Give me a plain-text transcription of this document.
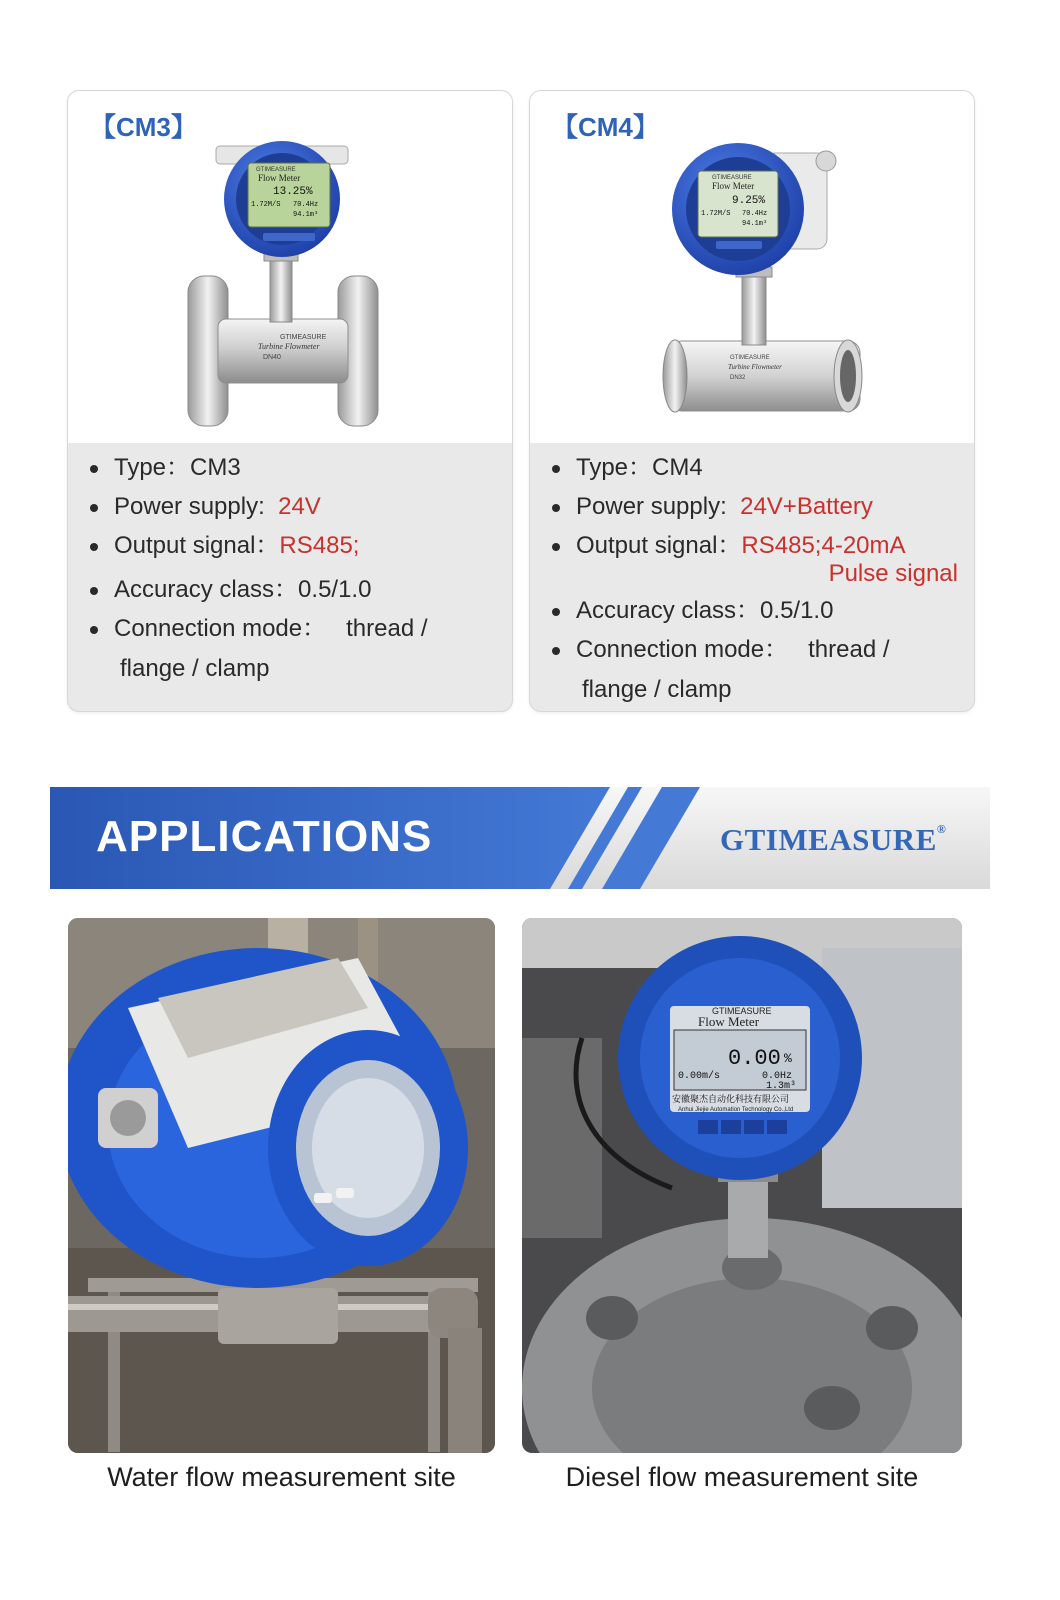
【CM3】
GTIMEASURE
Turbine Flowmeter
DN40
GTIMEASURE
Flow Meter
13.25%
1.72M/S 70.4Hz
94.1m³
Type：CM3
Power supply: 24V
Output signal：RS485;
Accuracy class：0.5/1.0
Connection mode： thread /
flange / clamp
【CM4】
GTIMEASURE
Turbine Flowmeter
DN32
GTIMEASURE
Flow Meter
9.25%
1.72M/S 70.4Hz
94.1m³
Type：CM4
Power supply: 24V+Battery
Output signal：RS485;4-20mA
Pulse signal
Accuracy class：0.5/1.0
Connection mode： thread /
flange / clamp
APPLICATIONS	GTIMEASURE®
Water flow measurement site
GTIMEASURE
Flow Meter
0.00 %
0.00m/s	0.0Hz
1.3m³
安徽聚杰自动化科技有限公司
Anhui Jiejie Automation Technology Co.,Ltd
Diesel flow measurement site
